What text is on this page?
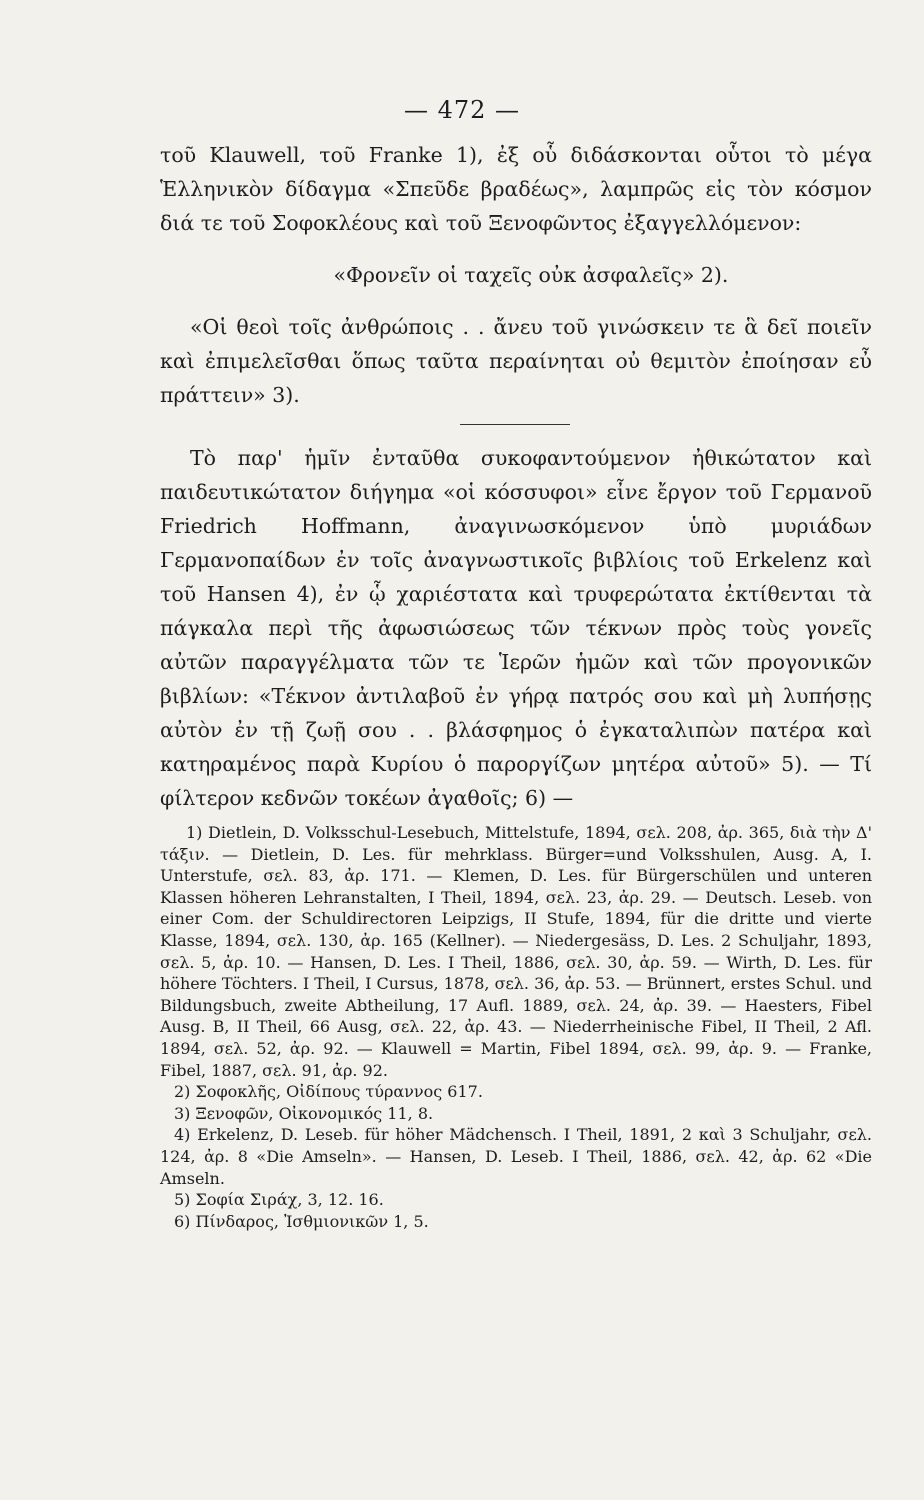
— 472 —

τοῦ Klauwell, τοῦ Franke 1), ἐξ οὗ διδάσκονται οὗτοι τὸ μέγα Ἑλληνικὸν δίδαγμα «Σπεῦδε βραδέως», λαμπρῶς εἰς τὸν κόσμον διά τε τοῦ Σοφοκλέους καὶ τοῦ Ξενοφῶντος ἐξαγγελλόμενον:

«Φρονεῖν οἱ ταχεῖς οὐκ ἀσφαλεῖς» 2).

«Οἱ θεοὶ τοῖς ἀνθρώποις . . ἄνευ τοῦ γινώσκειν τε ἃ δεῖ ποιεῖν καὶ ἐπιμελεῖσθαι ὅπως ταῦτα περαίνηται οὐ θεμιτὸν ἐποίησαν εὖ πράττειν» 3).

Τὸ παρ' ἡμῖν ἐνταῦθα συκοφαντούμενον ἠθικώτατον καὶ παιδευτικώτατον διήγημα «οἱ κόσσυφοι» εἶνε ἔργον τοῦ Γερμανοῦ Friedrich Hoffmann, ἀναγινωσκόμενον ὑπὸ μυριάδων Γερμανοπαίδων ἐν τοῖς ἀναγνωστικοῖς βιβλίοις τοῦ Erkelenz καὶ τοῦ Hansen 4), ἐν ᾧ χαριέστατα καὶ τρυφερώτατα ἐκτίθενται τὰ πάγκαλα περὶ τῆς ἀφωσιώσεως τῶν τέκνων πρὸς τοὺς γονεῖς αὐτῶν παραγγέλματα τῶν τε Ἱερῶν ἡμῶν καὶ τῶν προγονικῶν βιβλίων: «Τέκνον ἀντιλαβοῦ ἐν γήρᾳ πατρός σου καὶ μὴ λυπήσῃς αὐτὸν ἐν τῇ ζωῇ σου . . βλάσφημος ὁ ἐγκαταλιπὼν πατέρα καὶ κατηραμένος παρὰ Κυρίου ὁ παροργίζων μητέρα αὐτοῦ» 5). — Τί φίλτερον κεδνῶν τοκέων ἀγαθοῖς; 6) —

1) Dietlein, D. Volksschul-Lesebuch, Mittelstufe, 1894, σελ. 208, ἀρ. 365, διὰ τὴν Δ' τάξιν. — Dietlein, D. Les. für mehrklass. Bürger=und Volksshulen, Ausg. A, I. Unterstufe, σελ. 83, ἀρ. 171. — Klemen, D. Les. für Bürgerschülen und unteren Klassen höheren Lehranstalten, I Theil, 1894, σελ. 23, ἀρ. 29. — Deutsch. Leseb. von einer Com. der Schuldirectoren Leipzigs, II Stufe, 1894, für die dritte und vierte Klasse, 1894, σελ. 130, ἀρ. 165 (Kellner). — Niedergesäss, D. Les. 2 Schuljahr, 1893, σελ. 5, ἀρ. 10. — Hansen, D. Les. I Theil, 1886, σελ. 30, ἀρ. 59. — Wirth, D. Les. für höhere Töchters. I Theil, I Cursus, 1878, σελ. 36, ἀρ. 53. — Brünnert, erstes Schul. und Bildungsbuch, zweite Abtheilung, 17 Aufl. 1889, σελ. 24, ἀρ. 39. — Haesters, Fibel Ausg. B, II Theil, 66 Ausg, σελ. 22, ἀρ. 43. — Niederrheinische Fibel, II Theil, 2 Afl. 1894, σελ. 52, ἀρ. 92. — Klauwell = Martin, Fibel 1894, σελ. 99, ἀρ. 9. — Franke, Fibel, 1887, σελ. 91, ἀρ. 92.

2) Σοφοκλῆς, Οἰδίπους τύραννος 617.

3) Ξενοφῶν, Οἰκονομικός 11, 8.

4) Erkelenz, D. Leseb. für höher Mädchensch. I Theil, 1891, 2 καὶ 3 Schuljahr, σελ. 124, ἀρ. 8 «Die Amseln». — Hansen, D. Leseb. I Theil, 1886, σελ. 42, ἀρ. 62 «Die Amseln.

5) Σοφία Σιράχ, 3, 12. 16.

6) Πίνδαρος, Ἰσθμιονικῶν 1, 5.
